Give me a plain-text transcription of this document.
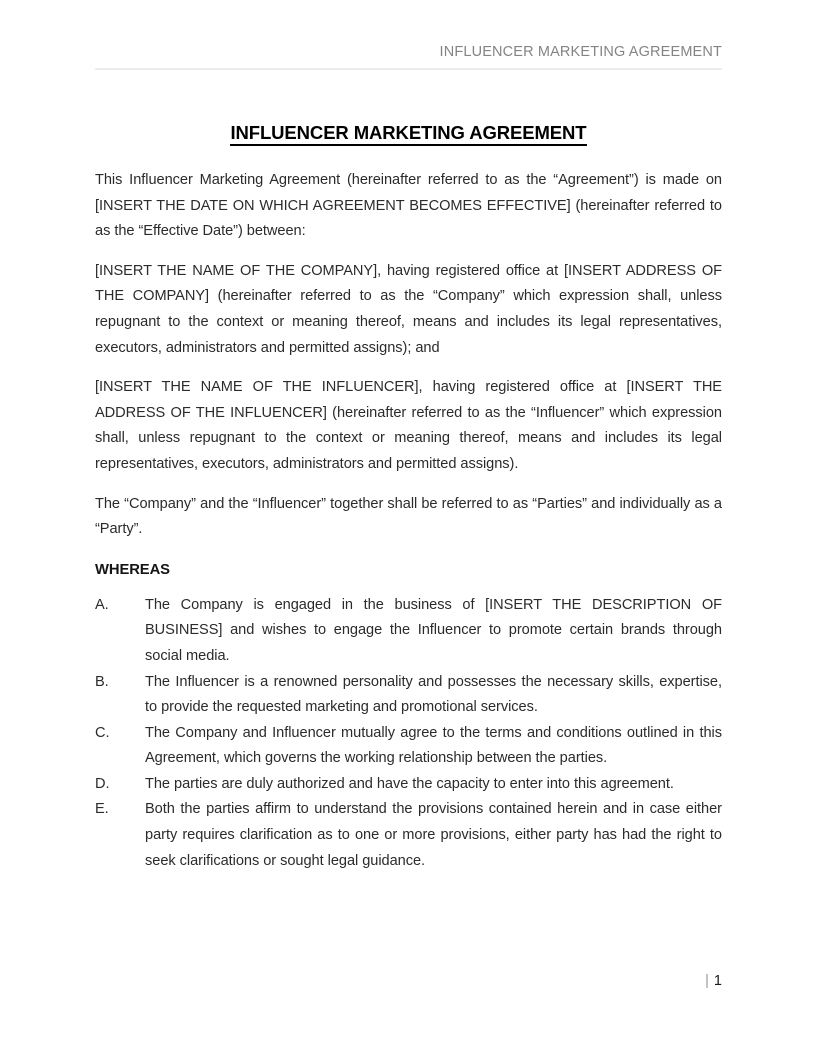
INFLUENCER MARKETING AGREEMENT
INFLUENCER MARKETING AGREEMENT

This Influencer Marketing Agreement (hereinafter referred to as the “Agreement”) is made on [INSERT THE DATE ON WHICH AGREEMENT BECOMES EFFECTIVE] (hereinafter referred to as the “Effective Date”) between:

[INSERT THE NAME OF THE COMPANY], having registered office at [INSERT ADDRESS OF THE COMPANY] (hereinafter referred to as the “Company” which expression shall, unless repugnant to the context or meaning thereof, means and includes its legal representatives, executors, administrators and permitted assigns); and

[INSERT THE NAME OF THE INFLUENCER], having registered office at [INSERT THE ADDRESS OF THE INFLUENCER] (hereinafter referred to as the “Influencer” which expression shall, unless repugnant to the context or meaning thereof, means and includes its legal representatives, executors, administrators and permitted assigns).

The “Company” and the “Influencer” together shall be referred to as “Parties” and individually as a “Party”.

WHEREAS
A.	The Company is engaged in the business of [INSERT THE DESCRIPTION OF BUSINESS] and wishes to engage the Influencer to promote certain brands through social media.
B.	The Influencer is a renowned personality and possesses the necessary skills, expertise, to provide the requested marketing and promotional services.
C.	The Company and Influencer mutually agree to the terms and conditions outlined in this Agreement, which governs the working relationship between the parties.
D.	The parties are duly authorized and have the capacity to enter into this agreement.
E.	Both the parties affirm to understand the provisions contained herein and in case either party requires clarification as to one or more provisions, either party has had the right to seek clarifications or sought legal guidance.
| 1
